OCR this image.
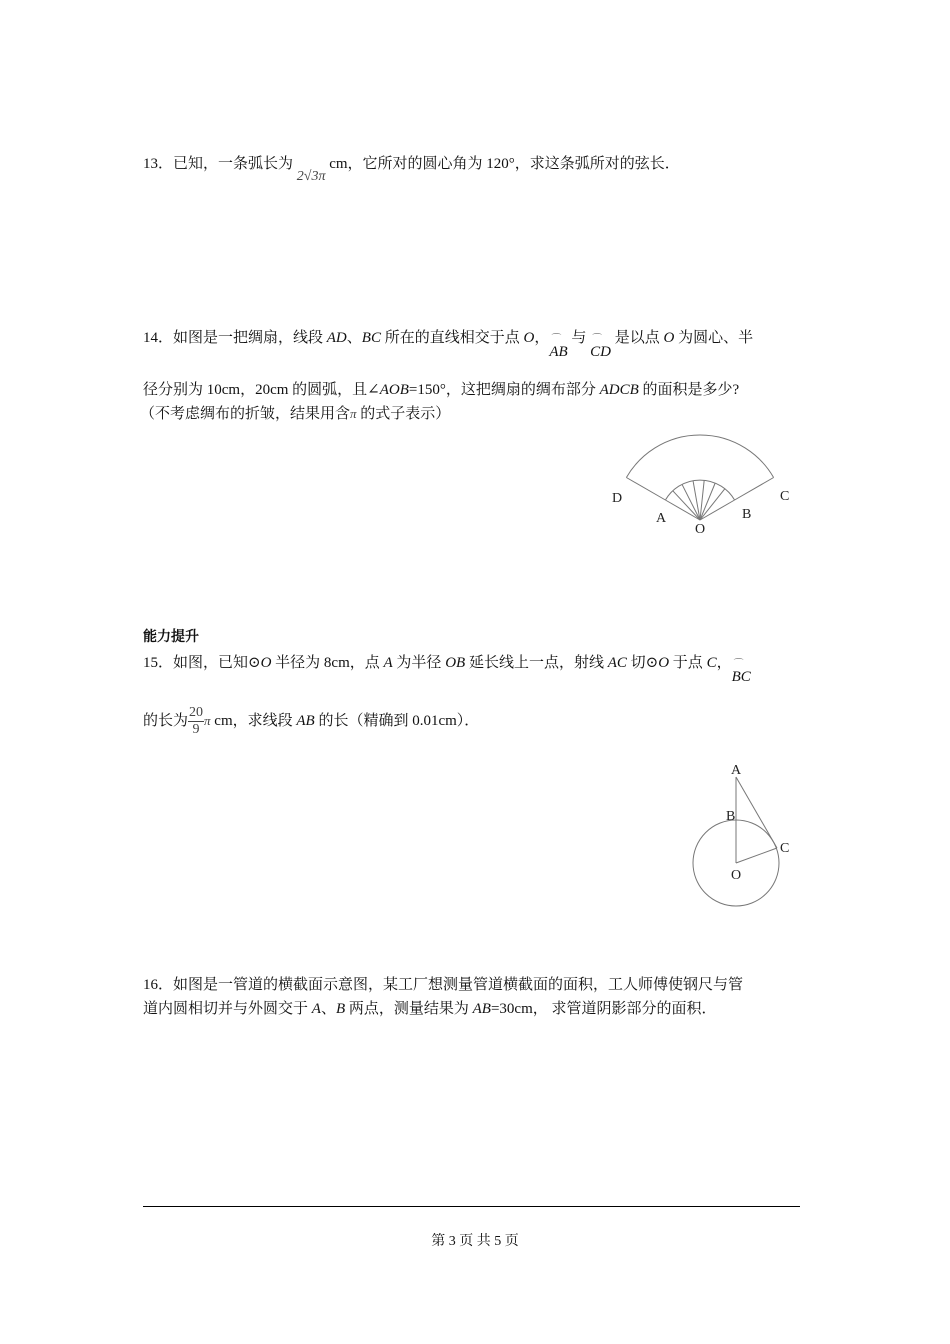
13．已知，一条弧长为 2√3π cm，它所对的圆心角为 120°，求这条弧所对的弦长．
14．如图是一把绸扇，线段 AD、BC 所在的直线相交于点 O，⌒ AB 与 ⌒ CD 是以点 O 为圆心、半
径分别为 10cm，20cm 的圆弧，且∠AOB=150°，这把绸扇的绸布部分 ADCB 的面积是多少?
（不考虑绸布的折皱，结果用含π 的式子表示）
D
A
O
B
C
能力提升
15．如图，已知⊙O 半径为 8cm，点 A 为半径 OB 延长线上一点，射线 AC 切⊙O 于点 C，⌒ BC
的长为 $\frac{20}{9}$ π cm，求线段 AB 的长（精确到 0.01cm）．
A
B
C
O
16．如图是一管道的横截面示意图，某工厂想测量管道横截面的面积，工人师傅使钢尺与管
道内圆相切并与外圆交于 A、B 两点，测量结果为 AB=30cm， 求管道阴影部分的面积．
第 3 页 共 5 页
